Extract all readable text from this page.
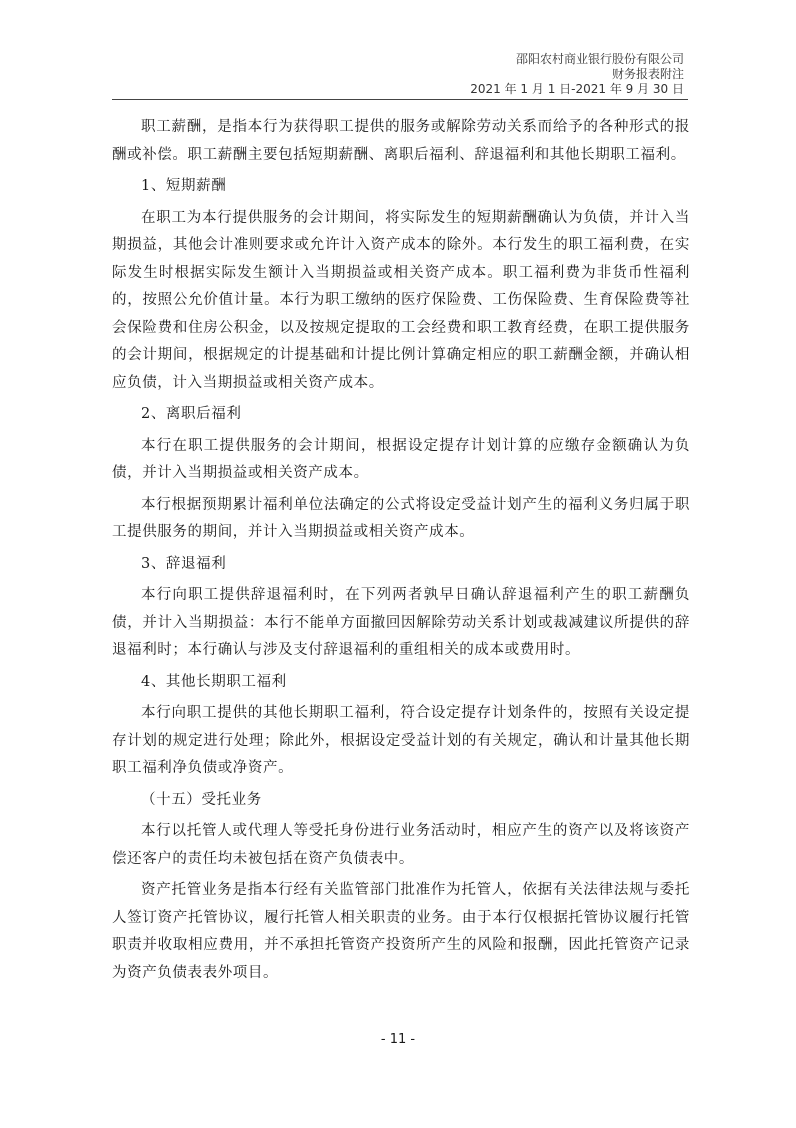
邵阳农村商业银行股份有限公司
财务报表附注
2021 年 1 月 1 日-2021 年 9 月 30 日
职工薪酬，是指本行为获得职工提供的服务或解除劳动关系而给予的各种形式的报酬或补偿。职工薪酬主要包括短期薪酬、离职后福利、辞退福利和其他长期职工福利。
1、短期薪酬
在职工为本行提供服务的会计期间，将实际发生的短期薪酬确认为负债，并计入当期损益，其他会计准则要求或允许计入资产成本的除外。本行发生的职工福利费，在实际发生时根据实际发生额计入当期损益或相关资产成本。职工福利费为非货币性福利的，按照公允价值计量。本行为职工缴纳的医疗保险费、工伤保险费、生育保险费等社会保险费和住房公积金，以及按规定提取的工会经费和职工教育经费，在职工提供服务的会计期间，根据规定的计提基础和计提比例计算确定相应的职工薪酬金额，并确认相应负债，计入当期损益或相关资产成本。
2、离职后福利
本行在职工提供服务的会计期间，根据设定提存计划计算的应缴存金额确认为负债，并计入当期损益或相关资产成本。
本行根据预期累计福利单位法确定的公式将设定受益计划产生的福利义务归属于职工提供服务的期间，并计入当期损益或相关资产成本。
3、辞退福利
本行向职工提供辞退福利时，在下列两者孰早日确认辞退福利产生的职工薪酬负债，并计入当期损益：本行不能单方面撤回因解除劳动关系计划或裁减建议所提供的辞退福利时；本行确认与涉及支付辞退福利的重组相关的成本或费用时。
4、其他长期职工福利
本行向职工提供的其他长期职工福利，符合设定提存计划条件的，按照有关设定提存计划的规定进行处理；除此外，根据设定受益计划的有关规定，确认和计量其他长期职工福利净负债或净资产。
（十五）受托业务
本行以托管人或代理人等受托身份进行业务活动时，相应产生的资产以及将该资产偿还客户的责任均未被包括在资产负债表中。
资产托管业务是指本行经有关监管部门批准作为托管人，依据有关法律法规与委托人签订资产托管协议，履行托管人相关职责的业务。由于本行仅根据托管协议履行托管职责并收取相应费用，并不承担托管资产投资所产生的风险和报酬，因此托管资产记录为资产负债表表外项目。
- 11 -
